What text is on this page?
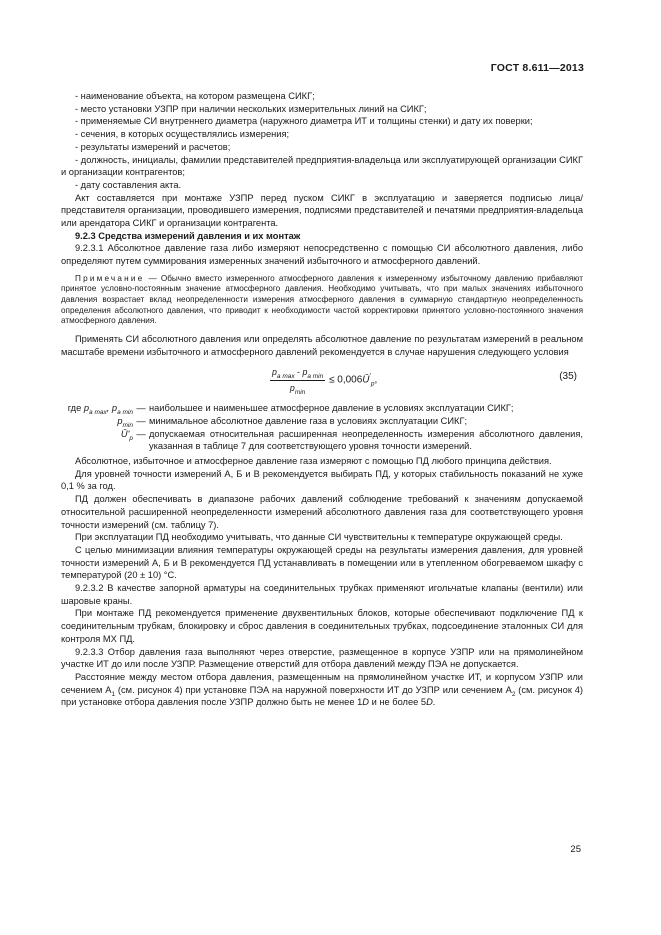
ГОСТ 8.611—2013

- наименование объекта, на котором размещена СИКГ;

- место установки УЗПР при наличии нескольких измерительных линий на СИКГ;

- применяемые СИ внутреннего диаметра (наружного диаметра ИТ и толщины стенки) и дату их поверки;

- сечения, в которых осуществлялись измерения;

- результаты измерений и расчетов;

- должность, инициалы, фамилии представителей предприятия-владельца или эксплуатирующей организации СИКГ и организации контрагентов;

- дату составления акта.

Акт составляется при монтаже УЗПР перед пуском СИКГ в эксплуатацию и заверяется подписью лица/представителя организации, проводившего измерения, подписями представителей и печатями предприятия-владельца или арендатора СИКГ и организации контрагента.

9.2.3 Средства измерений давления и их монтаж

9.2.3.1 Абсолютное давление газа либо измеряют непосредственно с помощью СИ абсолютного давления, либо определяют путем суммирования измеренных значений избыточного и атмосферного давлений.

Примечание — Обычно вместо измеренного атмосферного давления к измеренному избыточному давлению прибавляют принятое условно-постоянным значение атмосферного давления. Необходимо учитывать, что при малых значениях избыточного давления возрастает вклад неопределенности измерения атмосферного давления в суммарную стандартную неопределенность определения абсолютного давления, что приводит к необходимости частой корректировки принятого условно-постоянного значения атмосферного давления.

Применять СИ абсолютного давления или определять абсолютное давление по результатам измерений в реальном масштабе времени избыточного и атмосферного давлений рекомендуется в случае нарушения следующего условия

$p_{a max} - p_{a min}$
$p_{min}$
≤ $0,006Ū'_p$,	(35)
где $p_{a max}$, $p_{a min}$	—	наибольшее и наименьшее атмосферное давление в условиях эксплуатации СИКГ;
$p_{min}$	—	минимальное абсолютное давление газа в условиях эксплуатации СИКГ;
$Ū'_p$	—	допускаемая относительная расширенная неопределенность измерения абсолютного давления, указанная в таблице 7 для соответствующего уровня точности измерений.

Абсолютное, избыточное и атмосферное давление газа измеряют с помощью ПД любого принципа действия.

Для уровней точности измерений А, Б и В рекомендуется выбирать ПД, у которых стабильность показаний не хуже 0,1 % за год.

ПД должен обеспечивать в диапазоне рабочих давлений соблюдение требований к значениям допускаемой относительной расширенной неопределенности измерений абсолютного давления газа для соответствующего уровня точности измерений (см. таблицу 7).

При эксплуатации ПД необходимо учитывать, что данные СИ чувствительны к температуре окружающей среды.

С целью минимизации влияния температуры окружающей среды на результаты измерения давления, для уровней точности измерений А, Б и В рекомендуется ПД устанавливать в помещении или в утепленном обогреваемом шкафу с температурой (20 ± 10) °С.

9.2.3.2 В качестве запорной арматуры на соединительных трубках применяют игольчатые клапаны (вентили) или шаровые краны.

При монтаже ПД рекомендуется применение двухвентильных блоков, которые обеспечивают подключение ПД к соединительным трубкам, блокировку и сброс давления в соединительных трубках, подсоединение эталонных СИ для контроля МХ ПД.

9.2.3.3 Отбор давления газа выполняют через отверстие, размещенное в корпусе УЗПР или на прямолинейном участке ИТ до или после УЗПР. Размещение отверстий для отбора давлений между ПЭА не допускается.

Расстояние между местом отбора давления, размещенным на прямолинейном участке ИТ, и корпусом УЗПР или сечением $А_1$ (см. рисунок 4) при установке ПЭА на наружной поверхности ИТ до УЗПР или сечением $А_2$ (см. рисунок 4) при установке отбора давления после УЗПР должно быть не менее 1D и не более 5D.

25
